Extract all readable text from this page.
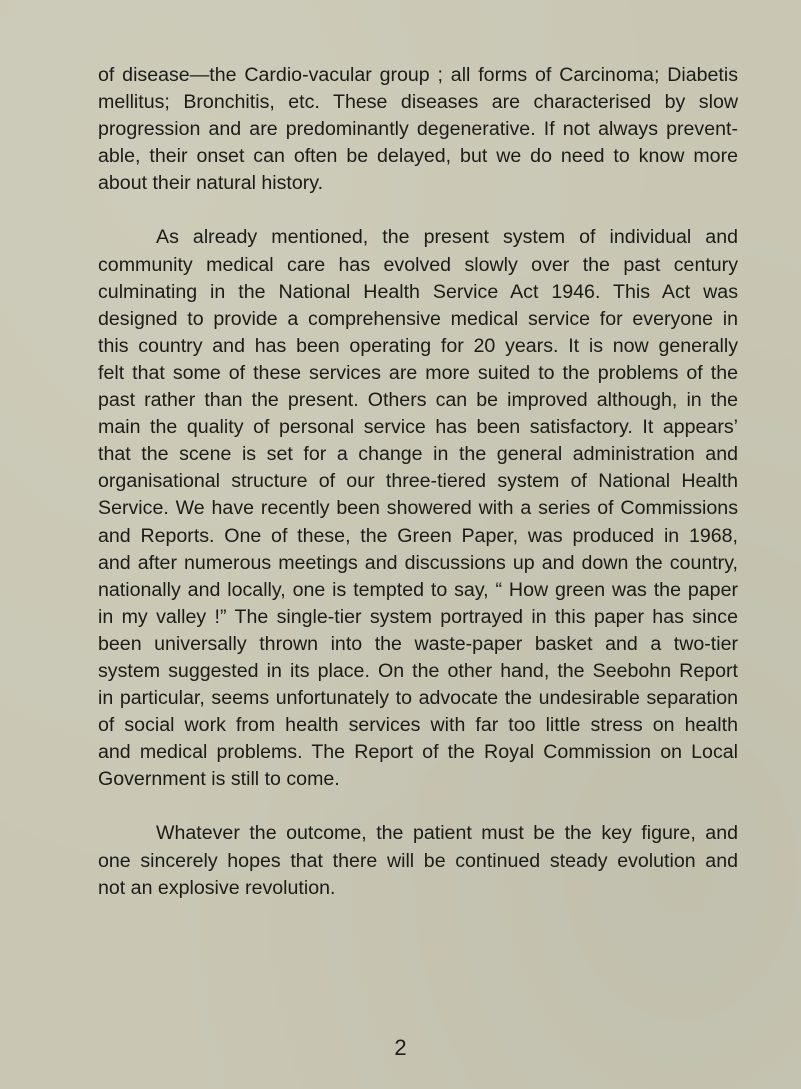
of disease—the Cardio-vacular group ; all forms of Carcinoma; Diabetis
mellitus; Bronchitis, etc. These diseases are characterised by slow
progression and are predominantly degenerative. If not always prevent-
able, their onset can often be delayed, but we do need to know more
about their natural history.

As already mentioned, the present system of individual and
community medical care has evolved slowly over the past century
culminating in the National Health Service Act 1946. This Act was
designed to provide a comprehensive medical service for everyone in
this country and has been operating for 20 years. It is now generally
felt that some of these services are more suited to the problems of the
past rather than the present. Others can be improved although, in the
main the quality of personal service has been satisfactory. It appears’
that the scene is set for a change in the general administration and
organisational structure of our three-tiered system of National Health
Service. We have recently been showered with a series of Commissions
and Reports. One of these, the Green Paper, was produced in 1968,
and after numerous meetings and discussions up and down the country,
nationally and locally, one is tempted to say, “ How green was the paper
in my valley !” The single-tier system portrayed in this paper has since
been universally thrown into the waste-paper basket and a two-tier
system suggested in its place. On the other hand, the Seebohn Report
in particular, seems unfortunately to advocate the undesirable separation
of social work from health services with far too little stress on health
and medical problems. The Report of the Royal Commission on Local
Government is still to come.

Whatever the outcome, the patient must be the key figure, and
one sincerely hopes that there will be continued steady evolution and
not an explosive revolution.

2
